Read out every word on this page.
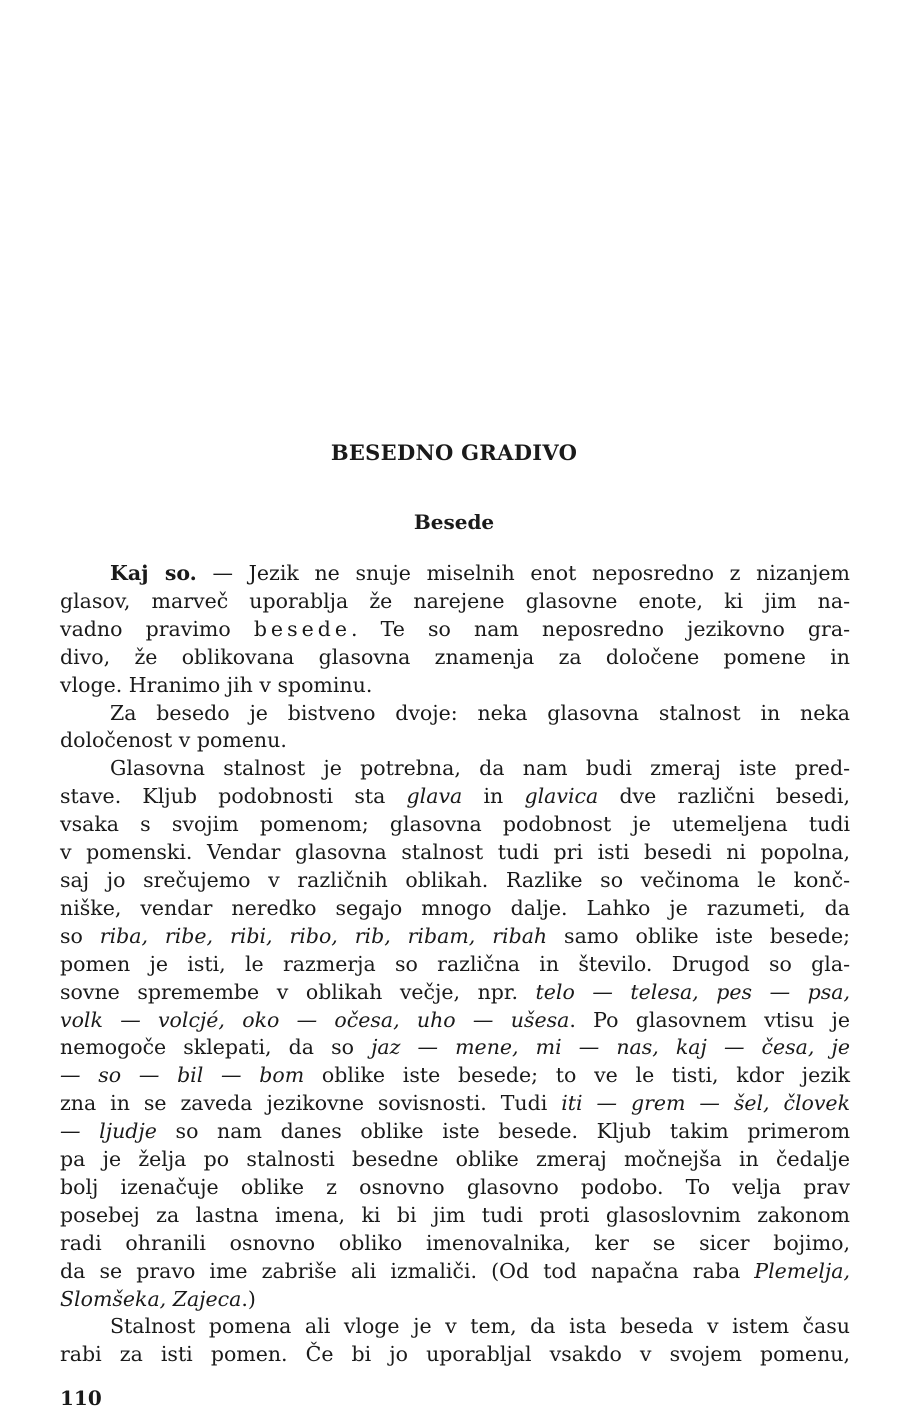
BESEDNO GRADIVO
Besede
Kaj so. — Jezik ne snuje miselnih enot neposredno z nizanjem
glasov, marveč uporablja že narejene glasovne enote, ki jim na-
vadno pravimo besede. Te so nam neposredno jezikovno gra-
divo, že oblikovana glasovna znamenja za določene pomene in
vloge. Hranimo jih v spominu.
Za besedo je bistveno dvoje: neka glasovna stalnost in neka
določenost v pomenu.
Glasovna stalnost je potrebna, da nam budi zmeraj iste pred-
stave. Kljub podobnosti sta glava in glavica dve različni besedi,
vsaka s svojim pomenom; glasovna podobnost je utemeljena tudi
v pomenski. Vendar glasovna stalnost tudi pri isti besedi ni popolna,
saj jo srečujemo v različnih oblikah. Razlike so večinoma le konč-
niške, vendar neredko segajo mnogo dalje. Lahko je razumeti, da
so riba, ribe, ribi, ribo, rib, ribam, ribah samo oblike iste besede;
pomen je isti, le razmerja so različna in število. Drugod so gla-
sovne spremembe v oblikah večje, npr. telo — telesa, pes — psa,
volk — volcjé, oko — očesa, uho — ušesa. Po glasovnem vtisu je
nemogoče sklepati, da so jaz — mene, mi — nas, kaj — česa, je
— so — bil — bom oblike iste besede; to ve le tisti, kdor jezik
zna in se zaveda jezikovne sovisnosti. Tudi iti — grem — šel, človek
— ljudje so nam danes oblike iste besede. Kljub takim primerom
pa je želja po stalnosti besedne oblike zmeraj močnejša in čedalje
bolj izenačuje oblike z osnovno glasovno podobo. To velja prav
posebej za lastna imena, ki bi jim tudi proti glasoslovnim zakonom
radi ohranili osnovno obliko imenovalnika, ker se sicer bojimo,
da se pravo ime zabriše ali izmaliči. (Od tod napačna raba Plemelja,
Slomšeka, Zajeca.)
Stalnost pomena ali vloge je v tem, da ista beseda v istem času
rabi za isti pomen. Če bi jo uporabljal vsakdo v svojem pomenu,
110
